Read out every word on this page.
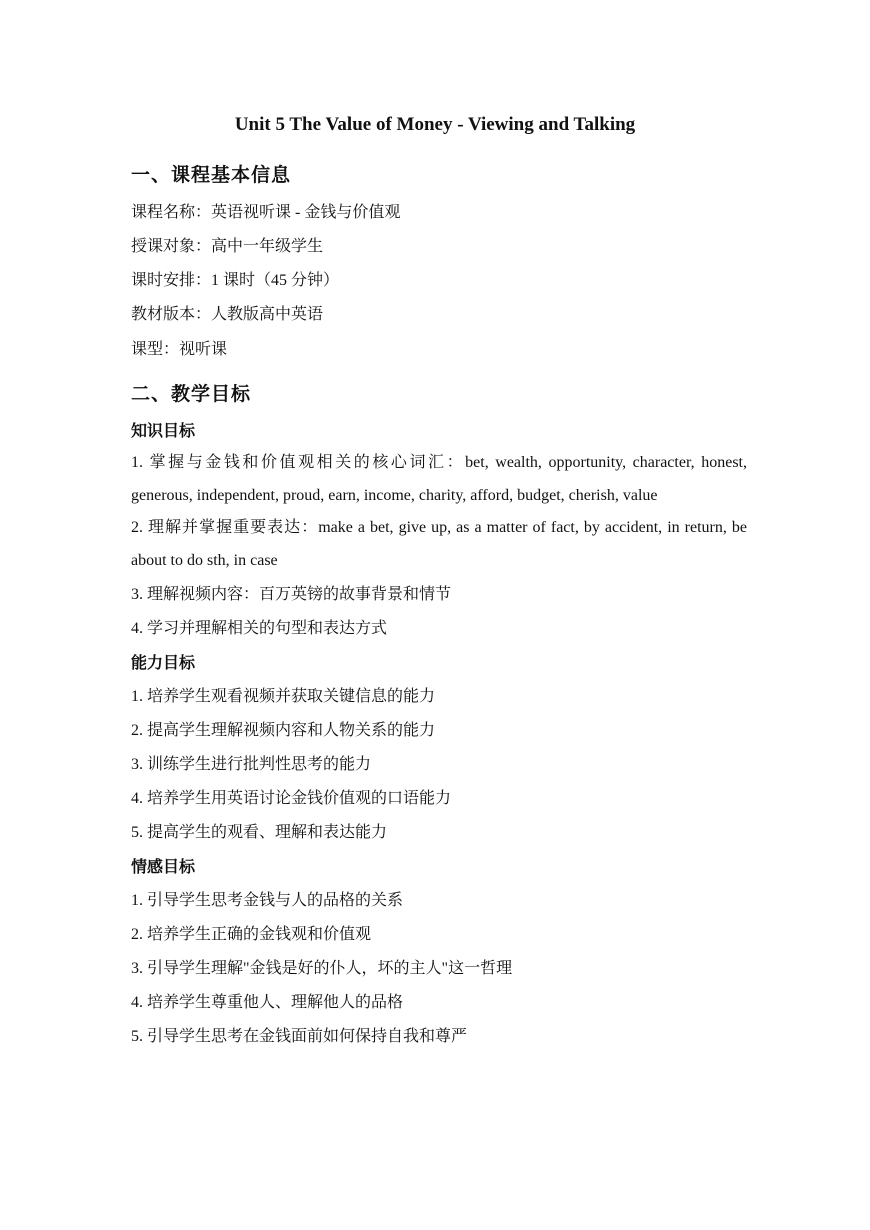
Unit 5 The Value of Money - Viewing and Talking
一、课程基本信息
课程名称：英语视听课 - 金钱与价值观
授课对象：高中一年级学生
课时安排：1 课时（45 分钟）
教材版本：人教版高中英语
课型：视听课
二、教学目标
知识目标
1. 掌握与金钱和价值观相关的核心词汇：bet, wealth, opportunity, character, honest, generous, independent, proud, earn, income, charity, afford, budget, cherish, value
2. 理解并掌握重要表达：make a bet, give up, as a matter of fact, by accident, in return, be about to do sth, in case
3. 理解视频内容：百万英镑的故事背景和情节
4. 学习并理解相关的句型和表达方式
能力目标
1. 培养学生观看视频并获取关键信息的能力
2. 提高学生理解视频内容和人物关系的能力
3. 训练学生进行批判性思考的能力
4. 培养学生用英语讨论金钱价值观的口语能力
5. 提高学生的观看、理解和表达能力
情感目标
1. 引导学生思考金钱与人的品格的关系
2. 培养学生正确的金钱观和价值观
3. 引导学生理解"金钱是好的仆人，坏的主人"这一哲理
4. 培养学生尊重他人、理解他人的品格
5. 引导学生思考在金钱面前如何保持自我和尊严
